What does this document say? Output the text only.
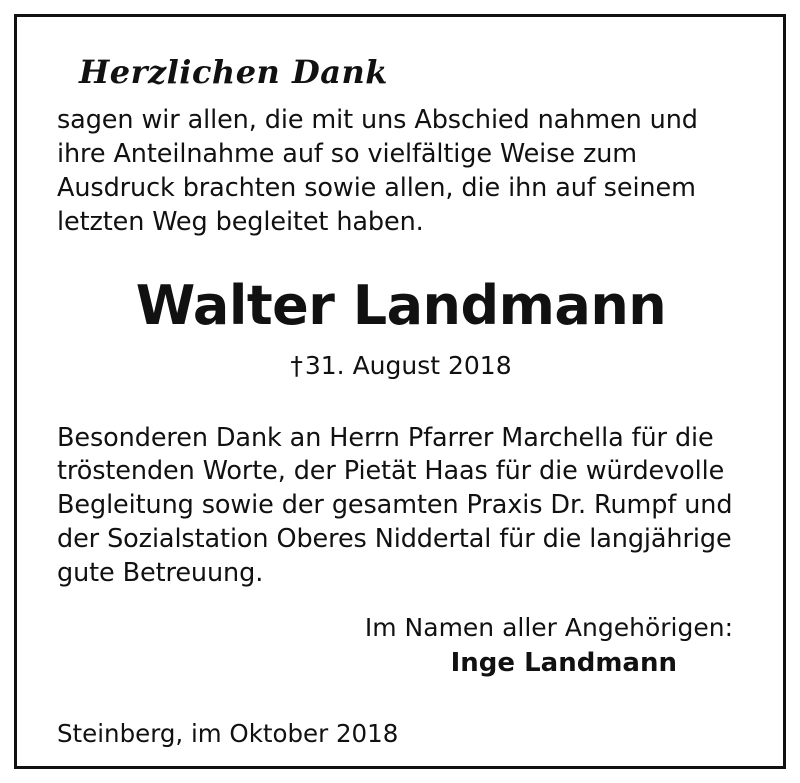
Herzlichen Dank

sagen wir allen, die mit uns Abschied nahmen und ihre Anteilnahme auf so vielfältige Weise zum Ausdruck brachten sowie allen, die ihn auf seinem letzten Weg begleitet haben.

Walter Landmann
†31. August 2018

Besonderen Dank an Herrn Pfarrer Marchella für die tröstenden Worte, der Pietät Haas für die würdevolle Begleitung sowie der gesamten Praxis Dr. Rumpf und der Sozialstation Oberes Niddertal für die langjährige gute Betreuung.

Im Namen aller Angehörigen:
Inge Landmann
Steinberg, im Oktober 2018
